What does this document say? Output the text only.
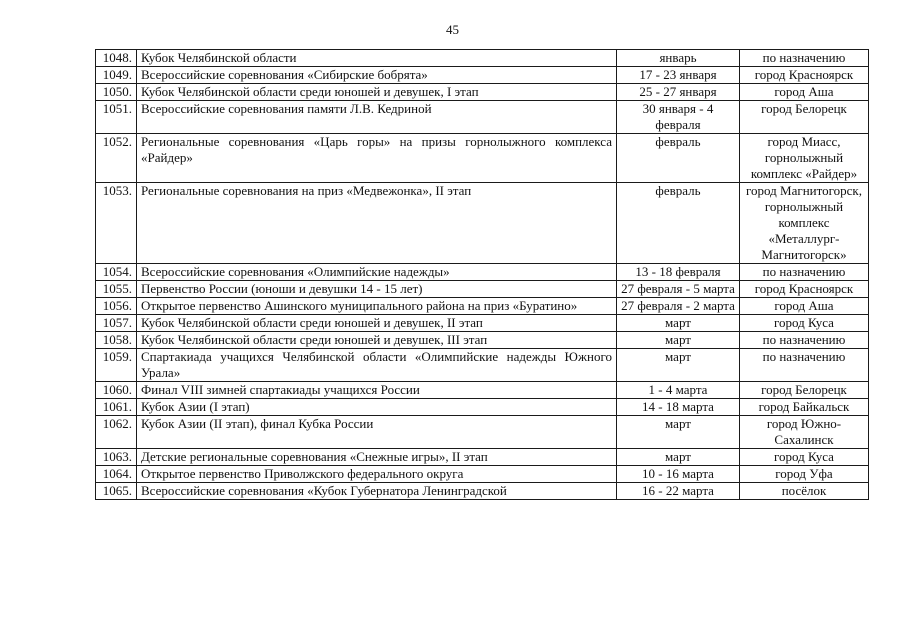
45
1048.	Кубок Челябинской области	январь	по назначению
1049.	Всероссийские соревнования «Сибирские бобрята»	17 - 23 января	город Красноярск
1050.	Кубок Челябинской области среди юношей и девушек, I этап	25 - 27 января	город Аша
1051.	Всероссийские соревнования памяти Л.В. Кедриной	30 января - 4 февраля	город Белорецк
1052.	Региональные соревнования «Царь горы» на призы горнолыжного комплекса «Райдер»	февраль	город Миасс, горнолыжный комплекс «Райдер»
1053.	Региональные соревнования на приз «Медвежонка», II этап	февраль	город Магнитогорск, горнолыжный комплекс «Металлург-Магнитогорск»
1054.	Всероссийские соревнования «Олимпийские надежды»	13 - 18 февраля	по назначению
1055.	Первенство России (юноши и девушки 14 - 15 лет)	27 февраля - 5 марта	город Красноярск
1056.	Открытое первенство Ашинского муниципального района на приз «Буратино»	27 февраля - 2 марта	город Аша
1057.	Кубок Челябинской области среди юношей и девушек, II этап	март	город Куса
1058.	Кубок Челябинской области среди юношей и девушек, III этап	март	по назначению
1059.	Спартакиада учащихся Челябинской области «Олимпийские надежды Южного Урала»	март	по назначению
1060.	Финал VIII зимней спартакиады учащихся России	1 - 4 марта	город Белорецк
1061.	Кубок Азии (I этап)	14 - 18 марта	город Байкальск
1062.	Кубок Азии (II этап), финал Кубка России	март	город Южно-Сахалинск
1063.	Детские региональные соревнования «Снежные игры», II этап	март	город Куса
1064.	Открытое первенство Приволжского федерального округа	10 - 16 марта	город Уфа
1065.	Всероссийские соревнования «Кубок Губернатора Ленинградской	16 - 22 марта	посёлок
